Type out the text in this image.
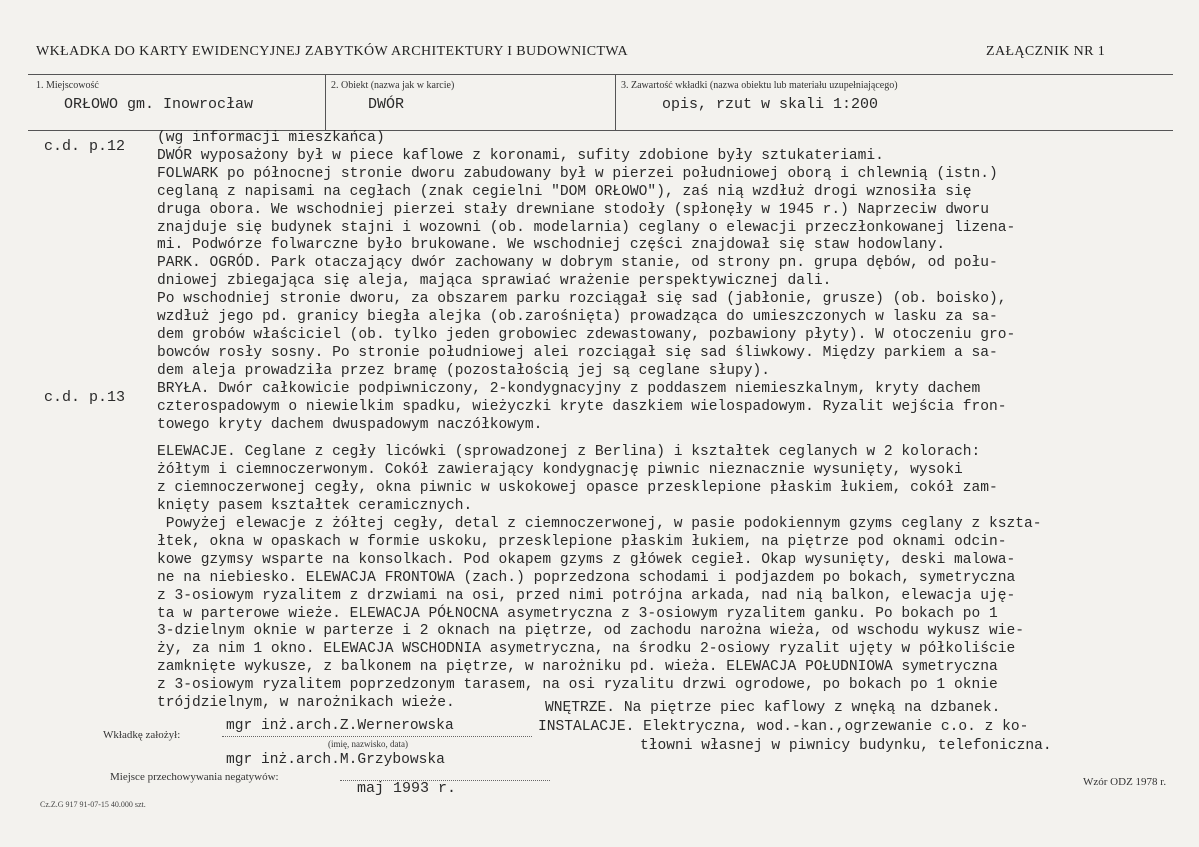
WKŁADKA DO KARTY EWIDENCYJNEJ ZABYTKÓW ARCHITEKTURY I BUDOWNICTWA	ZAŁĄCZNIK NR 1
1. Miejscowość
ORŁOWO gm. Inowrocław
2. Obiekt (nazwa jak w karcie)
DWÓR
3. Zawartość wkładki (nazwa obiektu lub materiału uzupełniającego)
opis, rzut w skali 1:200
c.d. p.12
c.d. p.13
(wg informacji mieszkańca)
DWÓR wyposażony był w piece kaflowe z koronami, sufity zdobione były sztukateriami.
FOLWARK po północnej stronie dworu zabudowany był w pierzei południowej oborą i chlewnią (istn.)
ceglaną z napisami na cegłach (znak cegielni "DOM ORŁOWO"), zaś nią wzdłuż drogi wznosiła się
druga obora. We wschodniej pierzei stały drewniane stodoły (spłonęły w 1945 r.) Naprzeciw dworu
znajduje się budynek stajni i wozowni (ob. modelarnia) ceglany o elewacji przeczłonkowanej lizena-
mi. Podwórze folwarczne było brukowane. We wschodniej części znajdował się staw hodowlany.
PARK. OGRÓD. Park otaczający dwór zachowany w dobrym stanie, od strony pn. grupa dębów, od połu-
dniowej zbiegająca się aleja, mająca sprawiać wrażenie perspektywicznej dali.
Po wschodniej stronie dworu, za obszarem parku rozciągał się sad (jabłonie, grusze) (ob. boisko),
wzdłuż jego pd. granicy biegła alejka (ob.zarośnięta) prowadząca do umieszczonych w lasku za sa-
dem grobów właściciel (ob. tylko jeden grobowiec zdewastowany, pozbawiony płyty). W otoczeniu gro-
bowców rosły sosny. Po stronie południowej alei rozciągał się sad śliwkowy. Między parkiem a sa-
dem aleja prowadziła przez bramę (pozostałością jej są ceglane słupy).
BRYŁA. Dwór całkowicie podpiwniczony, 2-kondygnacyjny z poddaszem niemieszkalnym, kryty dachem
czterospadowym o niewielkim spadku, wieżyczki kryte daszkiem wielospadowym. Ryzalit wejścia fron-
towego kryty dachem dwuspadowym naczółkowym.
ELEWACJE. Ceglane z cegły licówki (sprowadzonej z Berlina) i kształtek ceglanych w 2 kolorach:
żółtym i ciemnoczerwonym. Cokół zawierający kondygnację piwnic nieznacznie wysunięty, wysoki
z ciemnoczerwonej cegły, okna piwnic w uskokowej opasce przesklepione płaskim łukiem, cokół zam-
knięty pasem kształtek ceramicznych.
Powyżej elewacje z żółtej cegły, detal z ciemnoczerwonej, w pasie podokiennym gzyms ceglany z kszta-
łtek, okna w opaskach w formie uskoku, przesklepione płaskim łukiem, na piętrze pod oknami odcin-
kowe gzymsy wsparte na konsolkach. Pod okapem gzyms z główek cegieł. Okap wysunięty, deski malowa-
ne na niebiesko. ELEWACJA FRONTOWA (zach.) poprzedzona schodami i podjazdem po bokach, symetryczna
z 3-osiowym ryzalitem z drzwiami na osi, przed nimi potrójna arkada, nad nią balkon, elewacja uję-
ta w parterowe wieże. ELEWACJA PÓŁNOCNA asymetryczna z 3-osiowym ryzalitem ganku. Po bokach po 1
3-dzielnym oknie w parterze i 2 oknach na piętrze, od zachodu narożna wieża, od wschodu wykusz wie-
ży, za nim 1 okno. ELEWACJA WSCHODNIA asymetryczna, na środku 2-osiowy ryzalit ujęty w półkoliście
zamknięte wykusze, z balkonem na piętrze, w narożniku pd. wieża. ELEWACJA POŁUDNIOWA symetryczna
z 3-osiowym ryzalitem poprzedzonym tarasem, na osi ryzalitu drzwi ogrodowe, po bokach po 1 oknie
trójdzielnym, w narożnikach wieże.	WNĘTRZE. Na piętrze piec kaflowy z wnęką na dzbanek.
INSTALACJE. Elektryczna, wod.-kan.,ogrzewanie c.o. z ko-
tłowni własnej w piwnicy budynku, telefoniczna.
Wkładkę założył:
mgr inż.arch.Z.Wernerowska
(imię, nazwisko, data)
mgr inż.arch.M.Grzybowska
Miejsce przechowywania negatywów:
maj 1993 r.
Cz.Z.G 917 91-07-15 40.000 szt.
Wzór ODZ 1978 r.
